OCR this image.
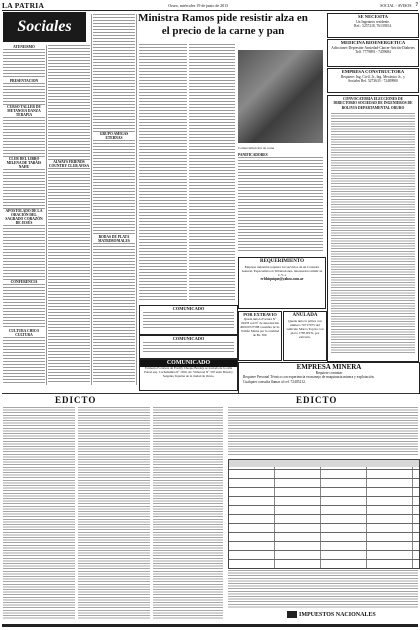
LA PATRIA	Oruro, miércoles 19 de junio de 2013	SOCIAL - AVISOS 7
Sociales
ATENEISMO
PRESENTACION
CURSO TALLER DE METANOIA DANZA TERAPIA
CLUB DEL LIBRO MILENA DE TABÁIS NAHU
APOSTOLADO DE LA ORACIÓN DEL SAGRADO CORAZÓN DE JESÚS
CONFERENCIA
CULTURA CHICO CULTURA
ALWAYS FRIENDS COUNTRY CLUB AVISA
GRUPO AMIGAS ETERNAS
BODAS DE PLATA MATRIMONIALES
Ministra Ramos pide resistir alza en el precio de la carne y pan
Comercialización de carne
PANIFICADORES
SE NECESITA
Un Ingeniero residente.
Ref.: 5257218, 76139354.
MEDICINA BIOENERGETICA
Adicciones-Depresión-Ansiedad-Cáncer-Artritis-Diabetes
Telf. 7779893 - 7459684
EMPRESA CONSTRUCTORA
Requiere: Ing. Civil, Jr., Ing. Mecánico Jr., y
Sociales Ref. 5273633 - 72489900
CONVOCATORIA ELECCIONES DE DIRECTORIO SOCIEDAD DE INGENIEROS DE BOLIVIA DEPARTAMENTAL ORURO
COMUNICADO
COMUNICADO
COMUNICADO
Farmacia Fortaleza de Freddy Choque Berdeja se traslada de la calle Potosí esq. Cochabamba Nº 1059, Av. Villarroel Nº 370 entre Brasil y Sargento Tejerina de la ciudad de Oruro.
REQUERIMIENTO
Empresa industrial requiere los servicios de un Contador General, Especialista en Tributaciones, interesados remitir su C.V. a
rrhhiquique@yahoo.com.ar
POR EXTRAVIO
Queda nula la Factura Nº 00478 con Nº de autorización 400100727588 a nombre de Sr. Willfer Merna por la cantidad de Bs. 300.
ANULADA
Queda nula la póliza con número 70717075 del vehículo Marca Toyota con placa 1785 RYX, por extravío.
EMPRESA MINERA
Requiere contratar
Requiere Personal Técnico con experiencia en manejo de maquinaria minera y explotación.
Cualquier consulta llamar al cel. 72405212.
EDICTO	EDICTO
IMPUESTOS NACIONALES
